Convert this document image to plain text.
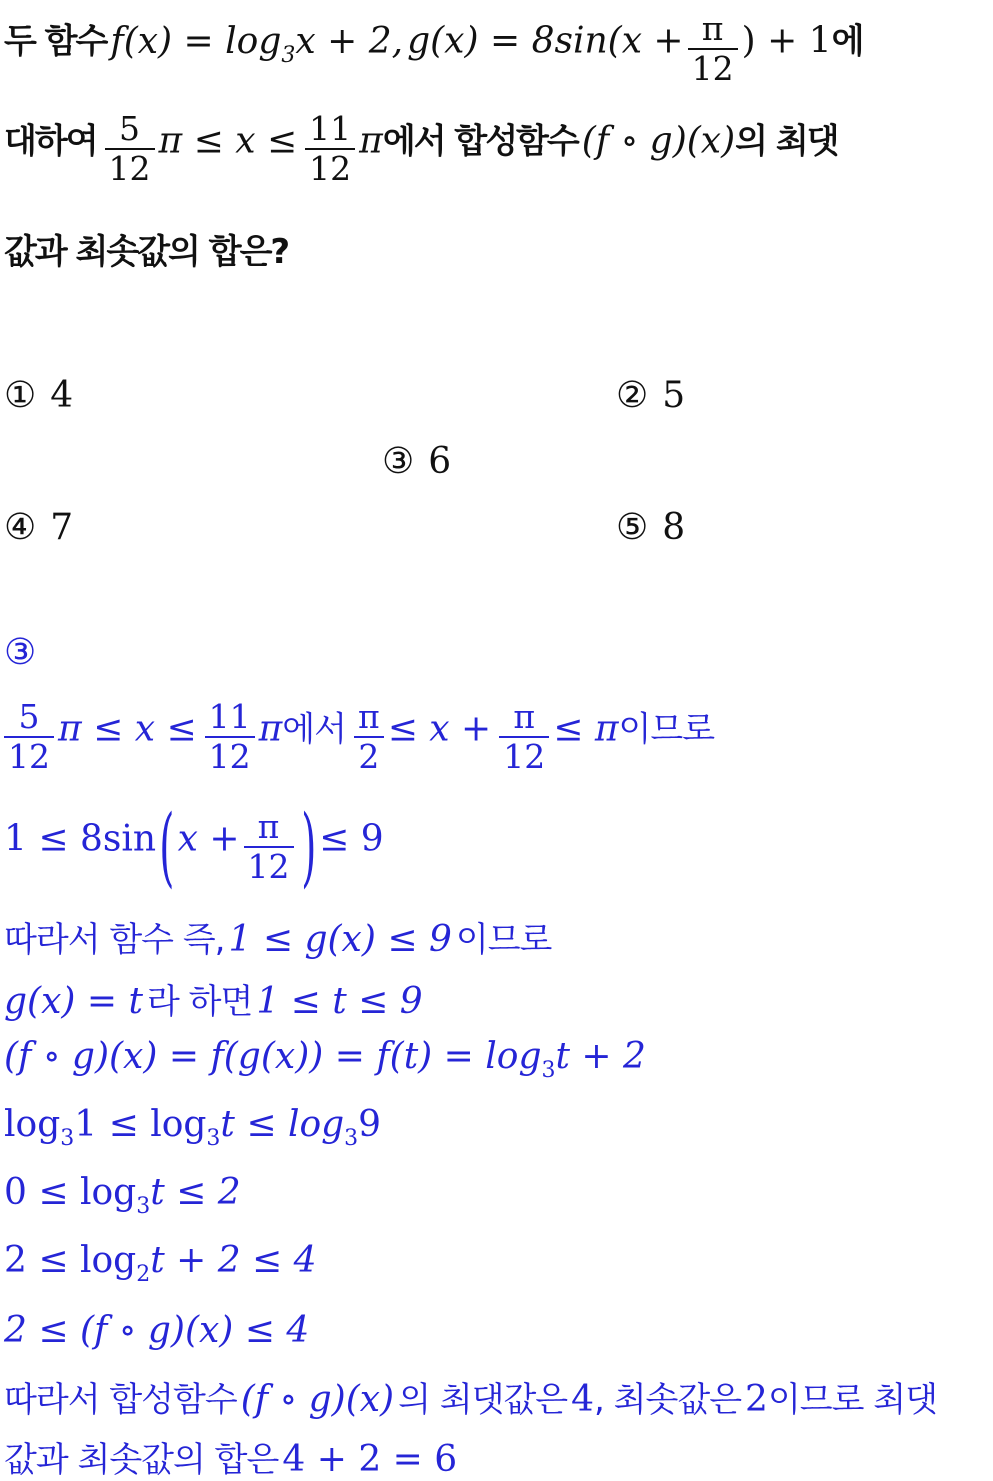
두 함수 $f(x) = \log_3x + 2$, $g(x) = 8\sin(x + \frac{\pi}{12}$ ) + 1에
대하여 $\frac{5}{12}$ $\pi \le x \le \frac{11}{12}$ π에서 합성함수 (f ∘ g)(x)의 최댓
값과 최솟값의 합은?
① 4	② 5
③ 6
④ 7	⑤ 8
③
$\frac{5}{12}$ $\pi \le x \le \frac{11}{12}$ π에서 $\frac{\pi}{2} \le x + \frac{\pi}{12} \le \pi$이므로
$1 \le 8\sin(x + \frac{\pi}{12}$ )≤ 9
따라서 함수 즉, 1 ≤ g(x) ≤ 9 이므로
g(x) = t 라 하면 1 ≤ t ≤ 9
(f ∘ g)(x) = f(g(x)) = f(t) = log3t + 2
log31 ≤ log3t ≤ log39
0 ≤ log3t ≤ 2
2 ≤ log2t + 2 ≤ 4
2 ≤ (f ∘ g)(x) ≤ 4
따라서 합성함수 (f ∘ g)(x) 의 최댓값은 4, 최솟값은 2이므로 최댓
값과 최솟값의 합은 4 + 2 = 6
